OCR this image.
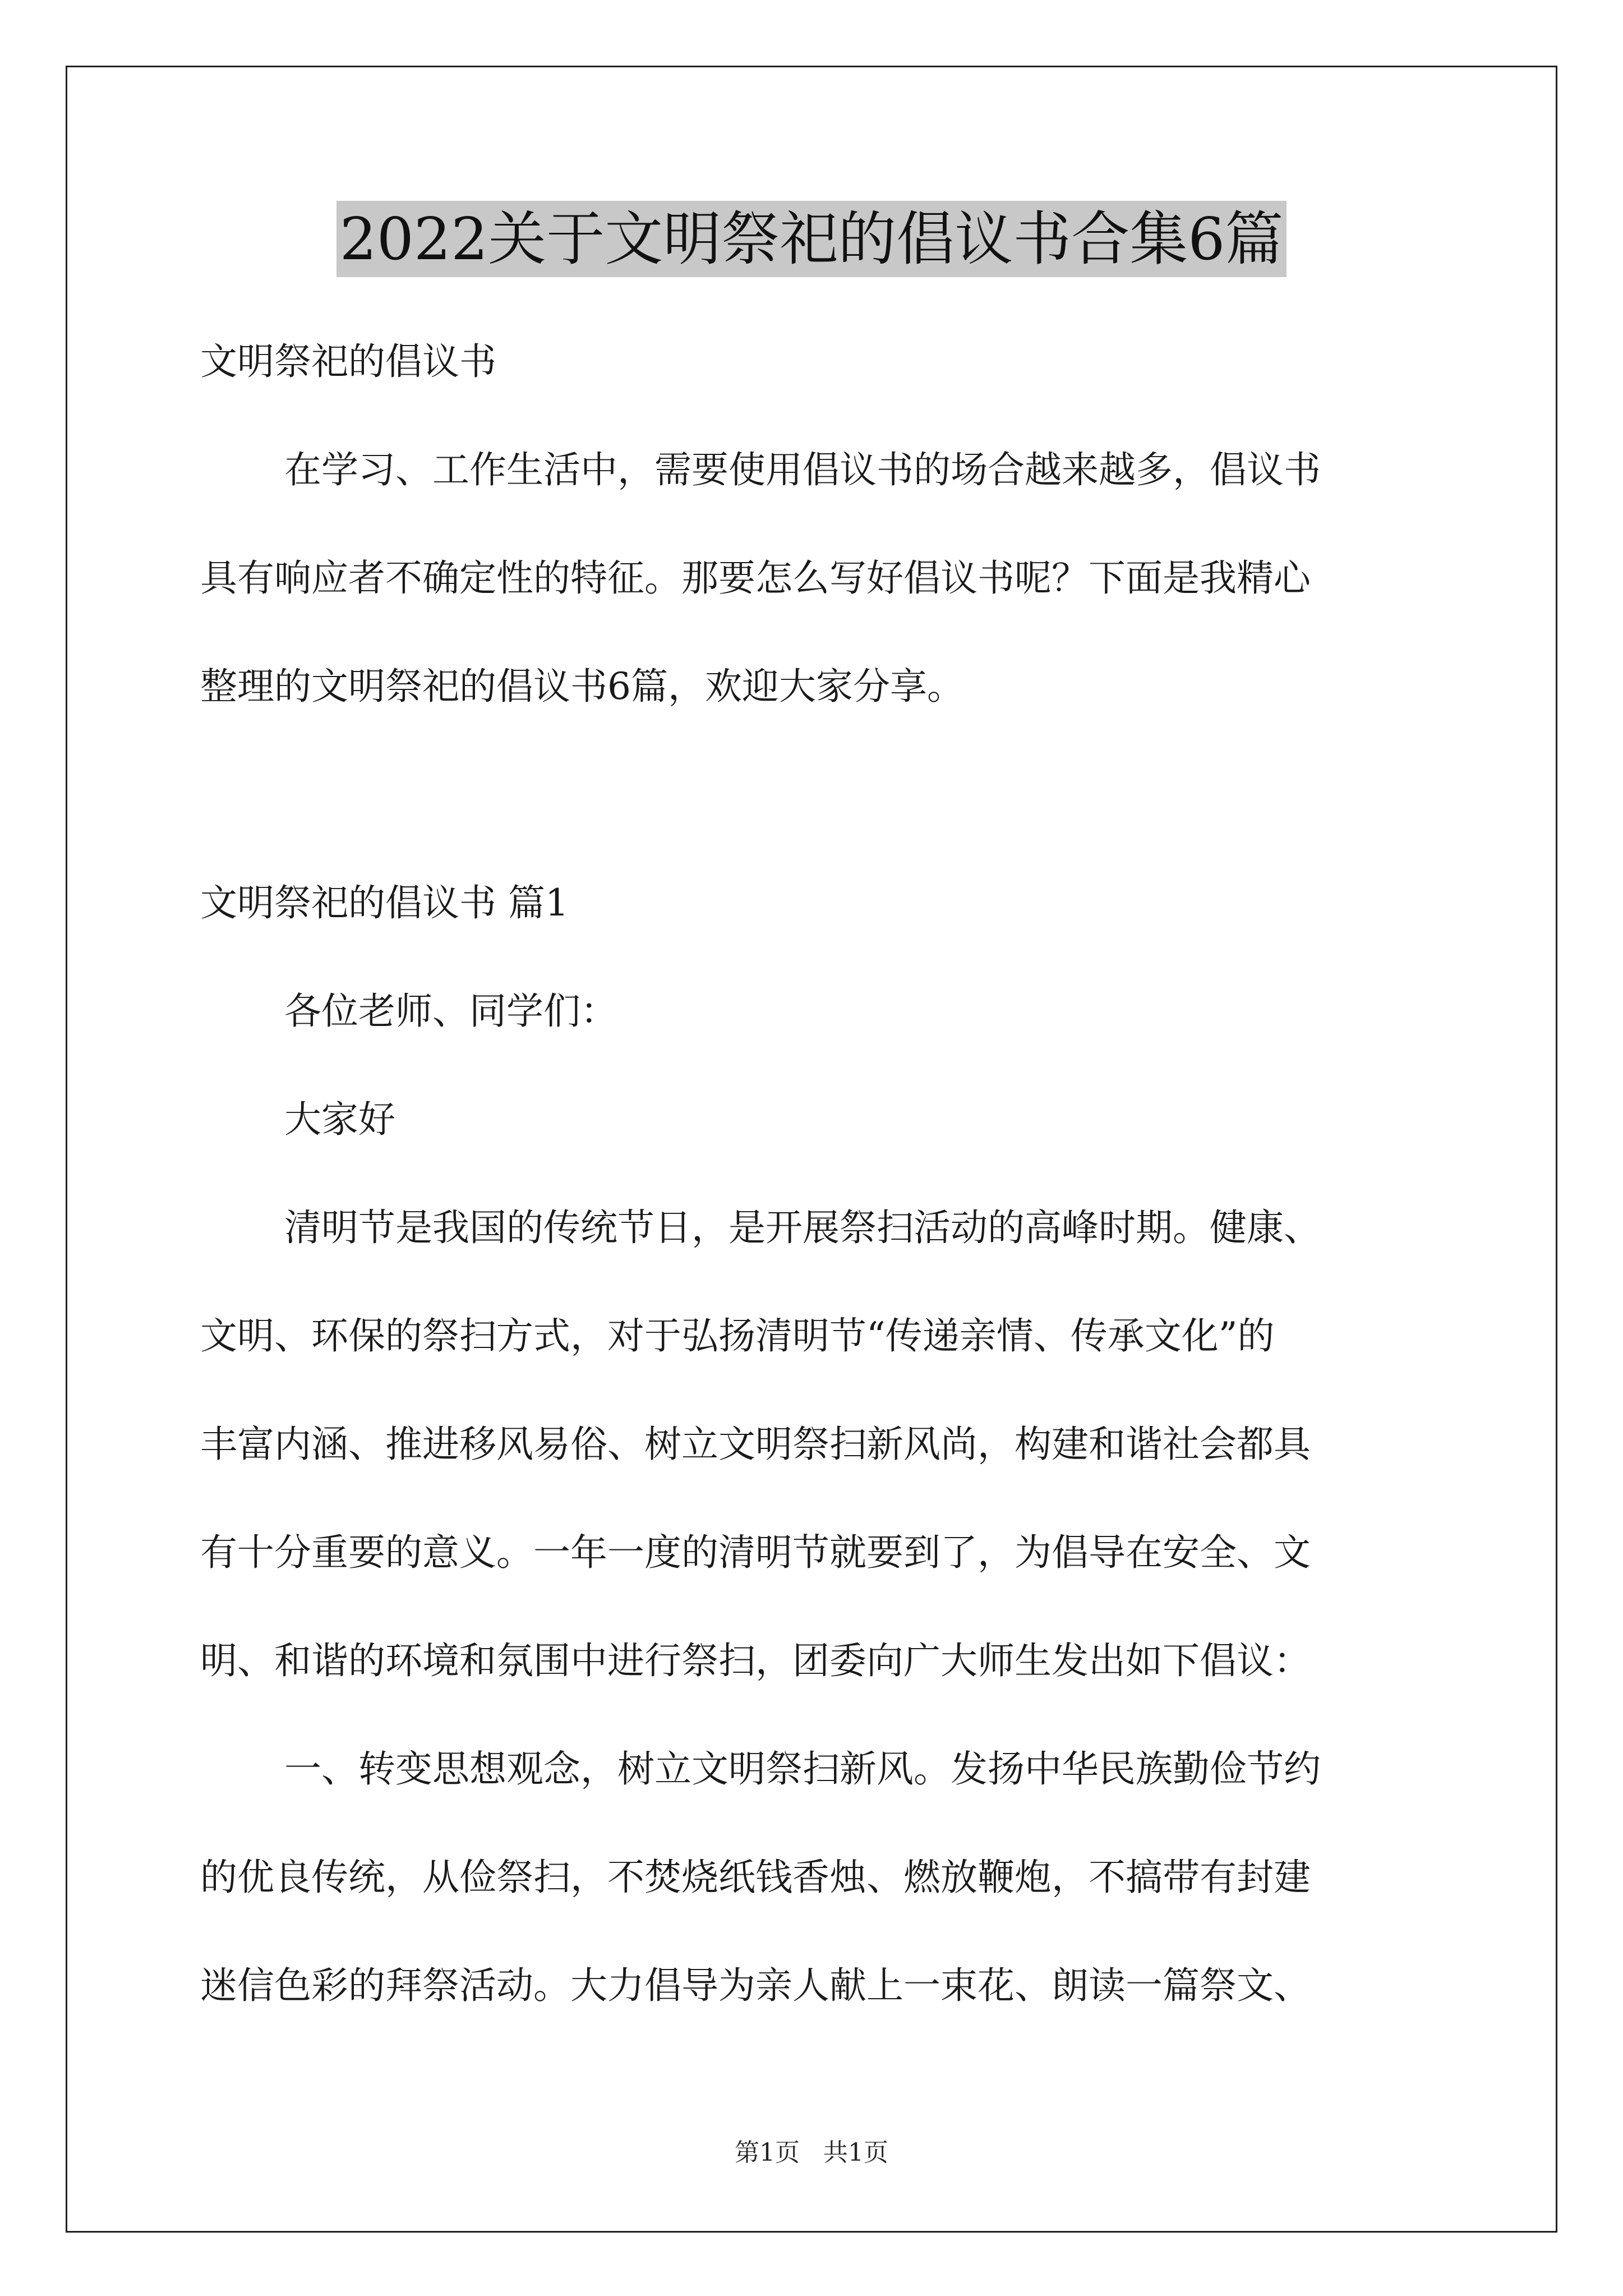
2022关于文明祭祀的倡议书合集6篇
文明祭祀的倡议书
在学习、工作生活中，需要使用倡议书的场合越来越多，倡议书
具有响应者不确定性的特征。那要怎么写好倡议书呢？下面是我精心
整理的文明祭祀的倡议书6篇，欢迎大家分享。
文明祭祀的倡议书 篇1
各位老师、同学们：
大家好
清明节是我国的传统节日，是开展祭扫活动的高峰时期。健康、
文明、环保的祭扫方式，对于弘扬清明节“传递亲情、传承文化”的
丰富内涵、推进移风易俗、树立文明祭扫新风尚，构建和谐社会都具
有十分重要的意义。一年一度的清明节就要到了，为倡导在安全、文
明、和谐的环境和氛围中进行祭扫，团委向广大师生发出如下倡议：
一、转变思想观念，树立文明祭扫新风。发扬中华民族勤俭节约
的优良传统，从俭祭扫，不焚烧纸钱香烛、燃放鞭炮，不搞带有封建
迷信色彩的拜祭活动。大力倡导为亲人献上一束花、朗读一篇祭文、
第1页   共1页
